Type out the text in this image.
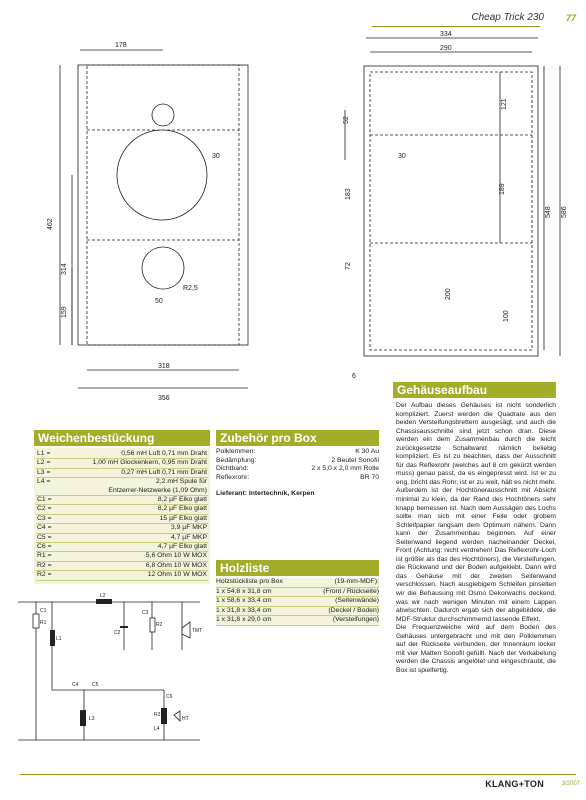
Cheap Trick 230	77
178
462
314
159
30
50
R2,5
318
356
334
290
121
52
30
183	189
548 586
72
200
100
6
Weichenbestückung
L1 =	0,56 mH Luft 0,71 mm Draht
L2 =	1,00 mH Glockenkern, 0,95 mm Draht
L3 =	0,27 mH Luft 0,71 mm Draht
L4 =	2,2 mH Spule für
Entzerrer-Netzwerke (1,09 Ohm)
C1 =	8,2 µF Elko glatt
C2 =	8,2 µF Elko glatt
C3 =	15 µF Elko glatt
C4 =	3,9 µF MKP
C5 =	4,7 µF MKP
C6 =	4,7 µF Elko glatt
R1 =	5,6 Ohm 10 W MOX
R2 =	6,8 Ohm 10 W MOX
R2 =	12 Ohm 10 W MOX
C1
R1
L1
L2
C2
C3
R2
TMT
C4	C5
L3
C6
R3
L4
HT
Zubehör pro Box
Polklemmen:	K 30 Au
Bedämpfung:	2 Beutel Sonofil
Dichtband:	2 x 5,0 x 2,0 mm Rolle
Reflexrohr:	BR 70
Lieferant: Intertechnik, Kerpen
Holzliste
Holzstückliste pro Box	(19-mm-MDF):
1 x 54,8 x 31,8 cm	(Front / Rückseite)
1 x 58,6 x 33,4 cm	(Seitenwände)
1 x 31,8 x 33,4 cm	(Deckel / Boden)
1 x 31,8 x 29,0 cm	(Versteifungen)
Gehäuseaufbau

Der Aufbau dieses Gehäuses ist nicht sonderlich kompliziert. Zuerst werden die Quadrate aus den beiden Versteifungsbrettern ausgesägt, und auch die Chassisausschnitte sind jetzt schon dran. Diese werden ein dem Zusammenbau durch die leicht zurückgesetzte Schallwand nämlich beliebig kompliziert. Es ist zu beachten, dass der Ausschnitt für das Reflexrohr (welches auf 8 cm gekürzt werden muss) genau passt, da es eingepresst wird. Ist er zu eng, bricht das Rohr, ist er zu weit, hält es nicht mehr. Außerdem ist der Hochtönerausschnitt mit Absicht minimal zu klein, da der Rand des Hochtöners sehr knapp bemessen ist. Nach dem Aussägen des Lochs sollte man sich mit einer Feile oder grobem Schleifpapier langsam dem Optimum nähern. Dann kann der Zusammenbau beginnen. Auf einer Seitenwand liegend werden nacheinander Deckel, Front (Achtung: nicht verdrehen! Das Reflexrohr-Loch ist größer als das des Hochtöners), die Versteifungen, die Rückwand und der Boden aufgeklebt. Dann wird das Gehäuse mit der zweiten Seitenwand verschlossen. Nach ausgiebigem Schleifen pinselten wir die Behausung mit Osmo Dekorwachs deckend, was wir nach wenigen Minuten mit einem Lappen abwischten. Dadurch ergab sich der abgebildete, die MDF-Struktur durchschimmernd lassende Effekt.

Die Frequenzweiche wird auf dem Boden des Gehäuses untergebracht und mit den Polklemmen auf der Rückseite verbunden, der Innenraum locker mit vier Matten Sonofil gefüllt. Nach der Verkabelung werden die Chassis angelötet und eingeschraubt, die Box ist spielfertig.

KLANG+TON	3/2007
